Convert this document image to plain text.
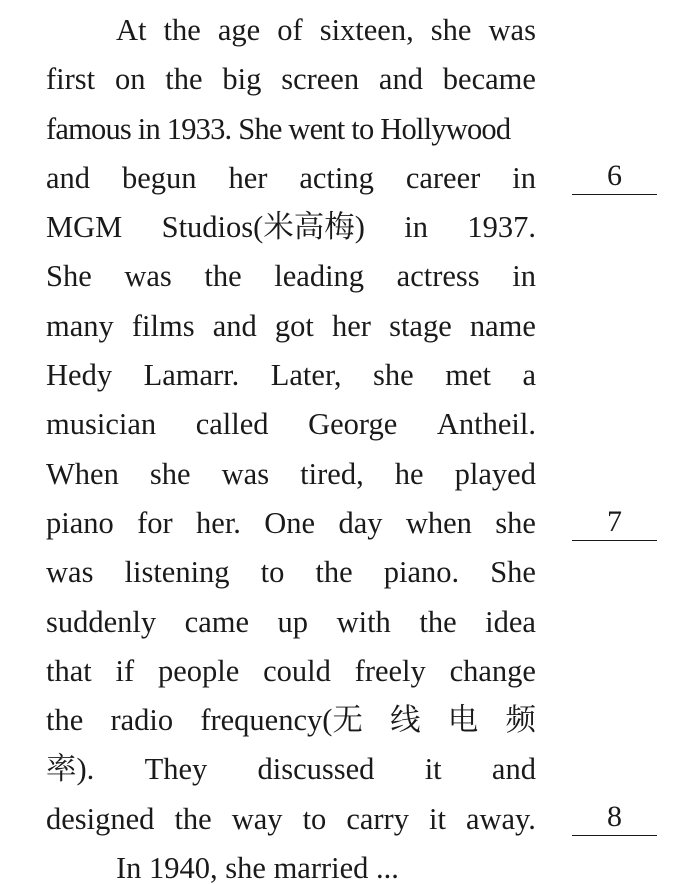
At the age of sixteen, she was
first on the big screen and became
famous in 1933. She went to Hollywood
and begun her acting career in
MGM Studios(米高梅) in 1937.
She was the leading actress in
many films and got her stage name
Hedy Lamarr. Later, she met a
musician called George Antheil.
When she was tired, he played
piano for her. One day when she
was listening to the piano. She
suddenly came up with the idea
that if people could freely change
the radio frequency(无 线 电 频
率). They discussed it and
designed the way to carry it away.
In 1940, she married ...
6
7
8
